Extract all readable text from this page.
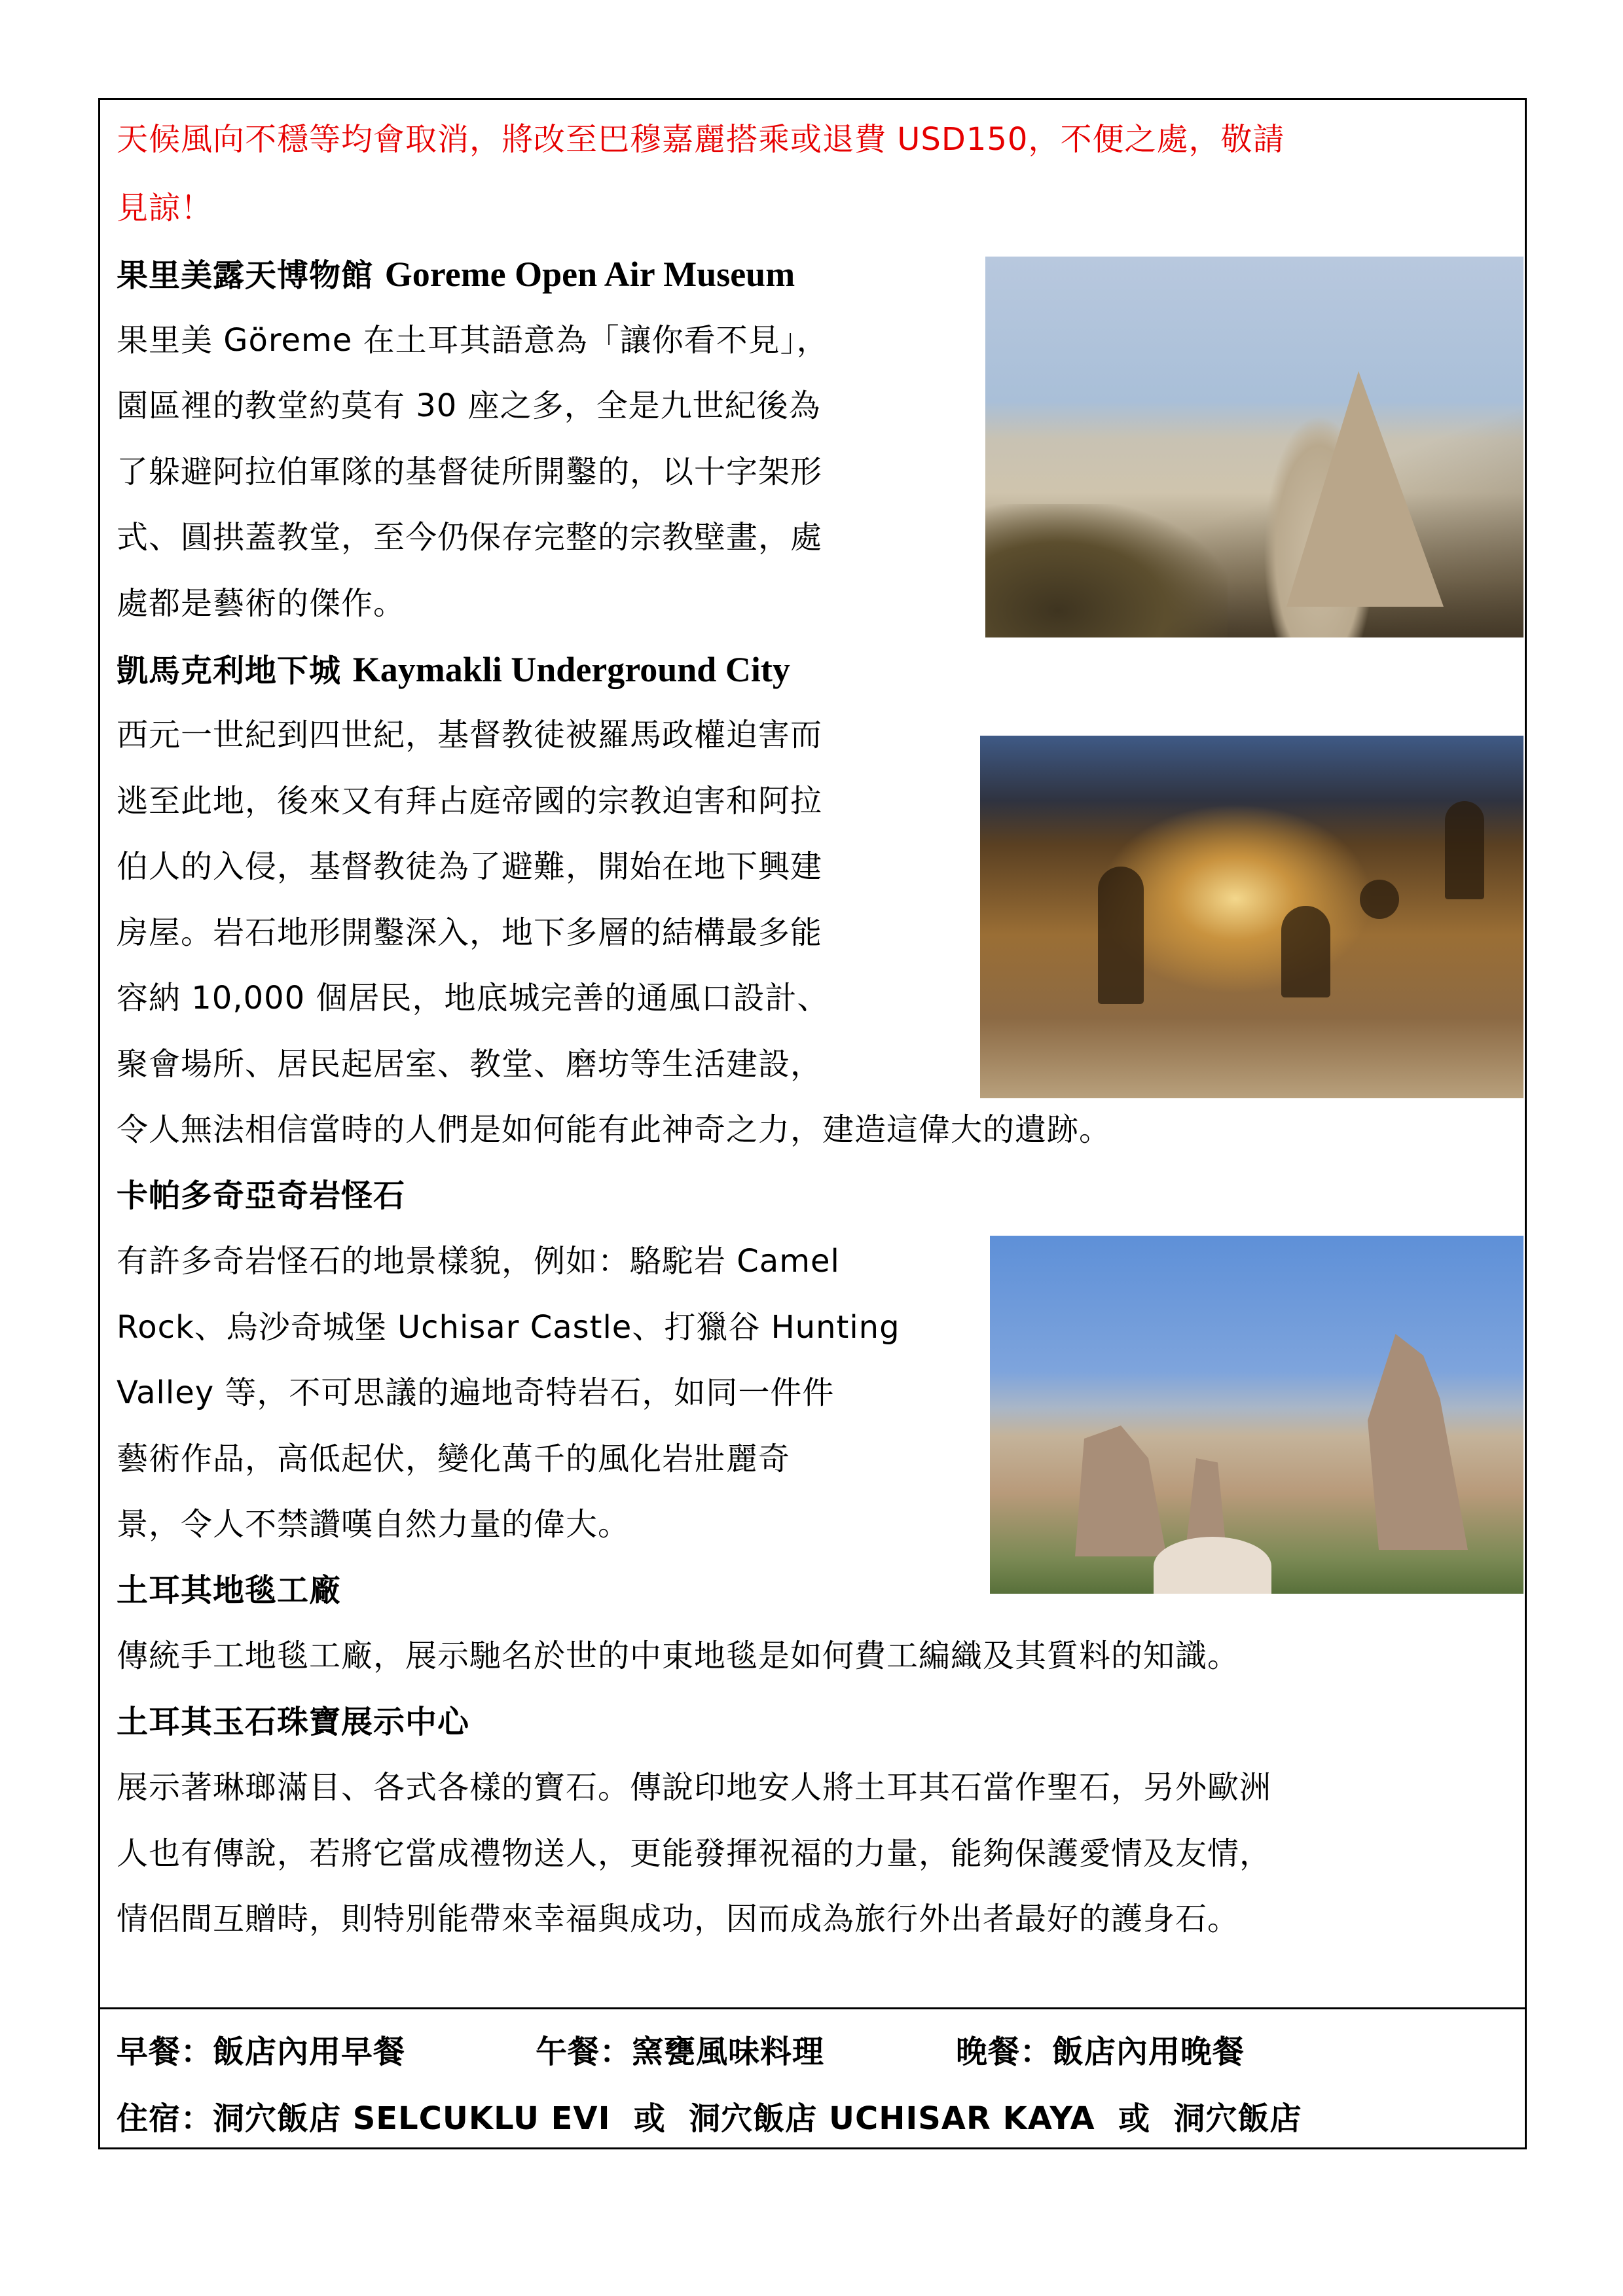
天候風向不穩等均會取消，將改至巴穆嘉麗搭乘或退費 USD150，不便之處，敬請
見諒！
果里美露天博物館 Goreme Open Air Museum
果里美 Göreme 在土耳其語意為「讓你看不見」，
園區裡的教堂約莫有 30 座之多，全是九世紀後為
了躲避阿拉伯軍隊的基督徒所開鑿的，以十字架形
式、圓拱蓋教堂，至今仍保存完整的宗教壁畫，處
處都是藝術的傑作。
凱馬克利地下城 Kaymakli Underground City
西元一世紀到四世紀，基督教徒被羅馬政權迫害而
逃至此地，後來又有拜占庭帝國的宗教迫害和阿拉
伯人的入侵，基督教徒為了避難，開始在地下興建
房屋。岩石地形開鑿深入，地下多層的結構最多能
容納 10,000 個居民，地底城完善的通風口設計、
聚會場所、居民起居室、教堂、磨坊等生活建設，
令人無法相信當時的人們是如何能有此神奇之力，建造這偉大的遺跡。
卡帕多奇亞奇岩怪石
有許多奇岩怪石的地景樣貌，例如：駱駝岩 Camel
Rock、烏沙奇城堡 Uchisar Castle、打獵谷 Hunting
Valley 等，不可思議的遍地奇特岩石，如同一件件
藝術作品，高低起伏，變化萬千的風化岩壯麗奇
景，令人不禁讚嘆自然力量的偉大。
土耳其地毯工廠
傳統手工地毯工廠，展示馳名於世的中東地毯是如何費工編織及其質料的知識。
土耳其玉石珠寶展示中心
展示著琳瑯滿目、各式各樣的寶石。傳說印地安人將土耳其石當作聖石，另外歐洲
人也有傳說，若將它當成禮物送人，更能發揮祝福的力量，能夠保護愛情及友情，
情侶間互贈時，則特別能帶來幸福與成功，因而成為旅行外出者最好的護身石。
早餐：飯店內用早餐	午餐：窯甕風味料理	晚餐：飯店內用晚餐
住宿：洞穴飯店 SELCUKLU EVI  或  洞穴飯店 UCHISAR KAYA  或  洞穴飯店
